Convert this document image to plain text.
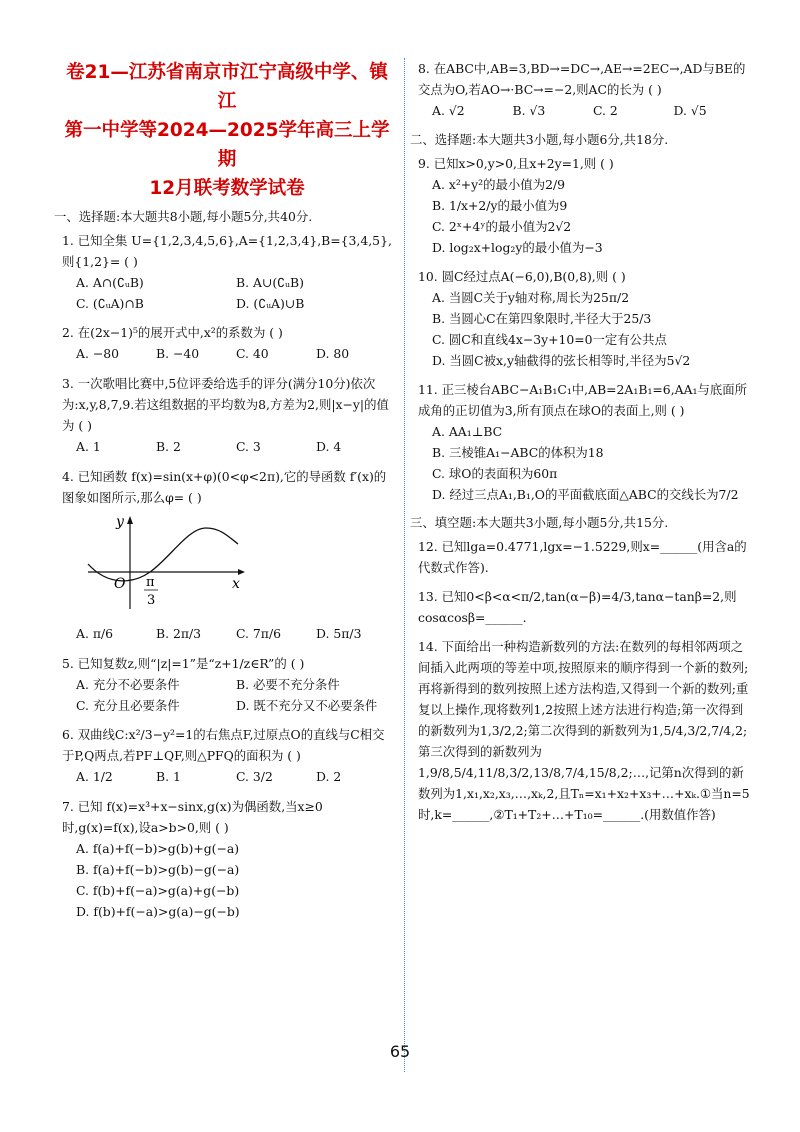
卷21—江苏省南京市江宁高级中学、镇江
第一中学等2024—2025学年高三上学期
12月联考数学试卷
一、选择题:本大题共8小题,每小题5分,共40分.
1. 已知全集 U={1,2,3,4,5,6},A={1,2,3,4},B={3,4,5},则{1,2}= ( )
A. A∩(∁ᵤB)	B. A∪(∁ᵤB)
C. (∁ᵤA)∩B	D. (∁ᵤA)∪B
2. 在(2x−1)⁵的展开式中,x²的系数为 ( )
A. −80	B. −40	C. 40	D. 80
3. 一次歌唱比赛中,5位评委给选手的评分(满分10分)依次为:x,y,8,7,9.若这组数据的平均数为8,方差为2,则|x−y|的值为 ( )
A. 1	B. 2	C. 3	D. 4
4. 已知函数 f(x)=sin(x+φ)(0<φ<2π),它的导函数 f′(x)的图象如图所示,那么φ= ( )
y
x
O π
3
A. π/6	B. 2π/3	C. 7π/6	D. 5π/3
5. 已知复数z,则“|z|=1”是“z+1/z∈R”的 ( )
A. 充分不必要条件	B. 必要不充分条件
C. 充分且必要条件	D. 既不充分又不必要条件
6. 双曲线C:x²/3−y²=1的右焦点F,过原点O的直线与C相交于P,Q两点,若PF⊥QF,则△PFQ的面积为 ( )
A. 1/2	B. 1	C. 3/2	D. 2
7. 已知 f(x)=x³+x−sinx,g(x)为偶函数,当x≥0时,g(x)=f(x),设a>b>0,则 ( )
A. f(a)+f(−b)>g(b)+g(−a)
B. f(a)+f(−b)>g(b)−g(−a)
C. f(b)+f(−a)>g(a)+g(−b)
D. f(b)+f(−a)>g(a)−g(−b)
8. 在ABC中,AB=3,BD→=DC→,AE→=2EC→,AD与BE的交点为O,若AO→·BC→=−2,则AC的长为 ( )
A. √2	B. √3	C. 2	D. √5
二、选择题:本大题共3小题,每小题6分,共18分.
9. 已知x>0,y>0,且x+2y=1,则 ( )
A. x²+y²的最小值为2/9
B. 1/x+2/y的最小值为9
C. 2ˣ+4ʸ的最小值为2√2
D. log₂x+log₂y的最小值为−3
10. 圆C经过点A(−6,0),B(0,8),则 ( )
A. 当圆C关于y轴对称,周长为25π/2
B. 当圆心C在第四象限时,半径大于25/3
C. 圆C和直线4x−3y+10=0一定有公共点
D. 当圆C被x,y轴截得的弦长相等时,半径为5√2
11. 正三棱台ABC−A₁B₁C₁中,AB=2A₁B₁=6,AA₁与底面所成角的正切值为3,所有顶点在球O的表面上,则 ( )
A. AA₁⊥BC
B. 三棱锥A₁−ABC的体积为18
C. 球O的表面积为60π
D. 经过三点A₁,B₁,O的平面截底面△ABC的交线长为7/2
三、填空题:本大题共3小题,每小题5分,共15分.
12. 已知lga=0.4771,lgx=−1.5229,则x=______(用含a的代数式作答).
13. 已知0<β<α<π/2,tan(α−β)=4/3,tanα−tanβ=2,则cosαcosβ=______.
14. 下面给出一种构造新数列的方法:在数列的每相邻两项之间插入此两项的等差中项,按照原来的顺序得到一个新的数列;再将新得到的数列按照上述方法构造,又得到一个新的数列;重复以上操作,现将数列1,2按照上述方法进行构造;第一次得到的新数列为1,3/2,2;第二次得到的新数列为1,5/4,3/2,7/4,2;第三次得到的新数列为1,9/8,5/4,11/8,3/2,13/8,7/4,15/8,2;…,记第n次得到的新数列为1,x₁,x₂,x₃,…,xₖ,2,且Tₙ=x₁+x₂+x₃+…+xₖ.①当n=5时,k=______,②T₁+T₂+…+T₁₀=______.(用数值作答)
65
